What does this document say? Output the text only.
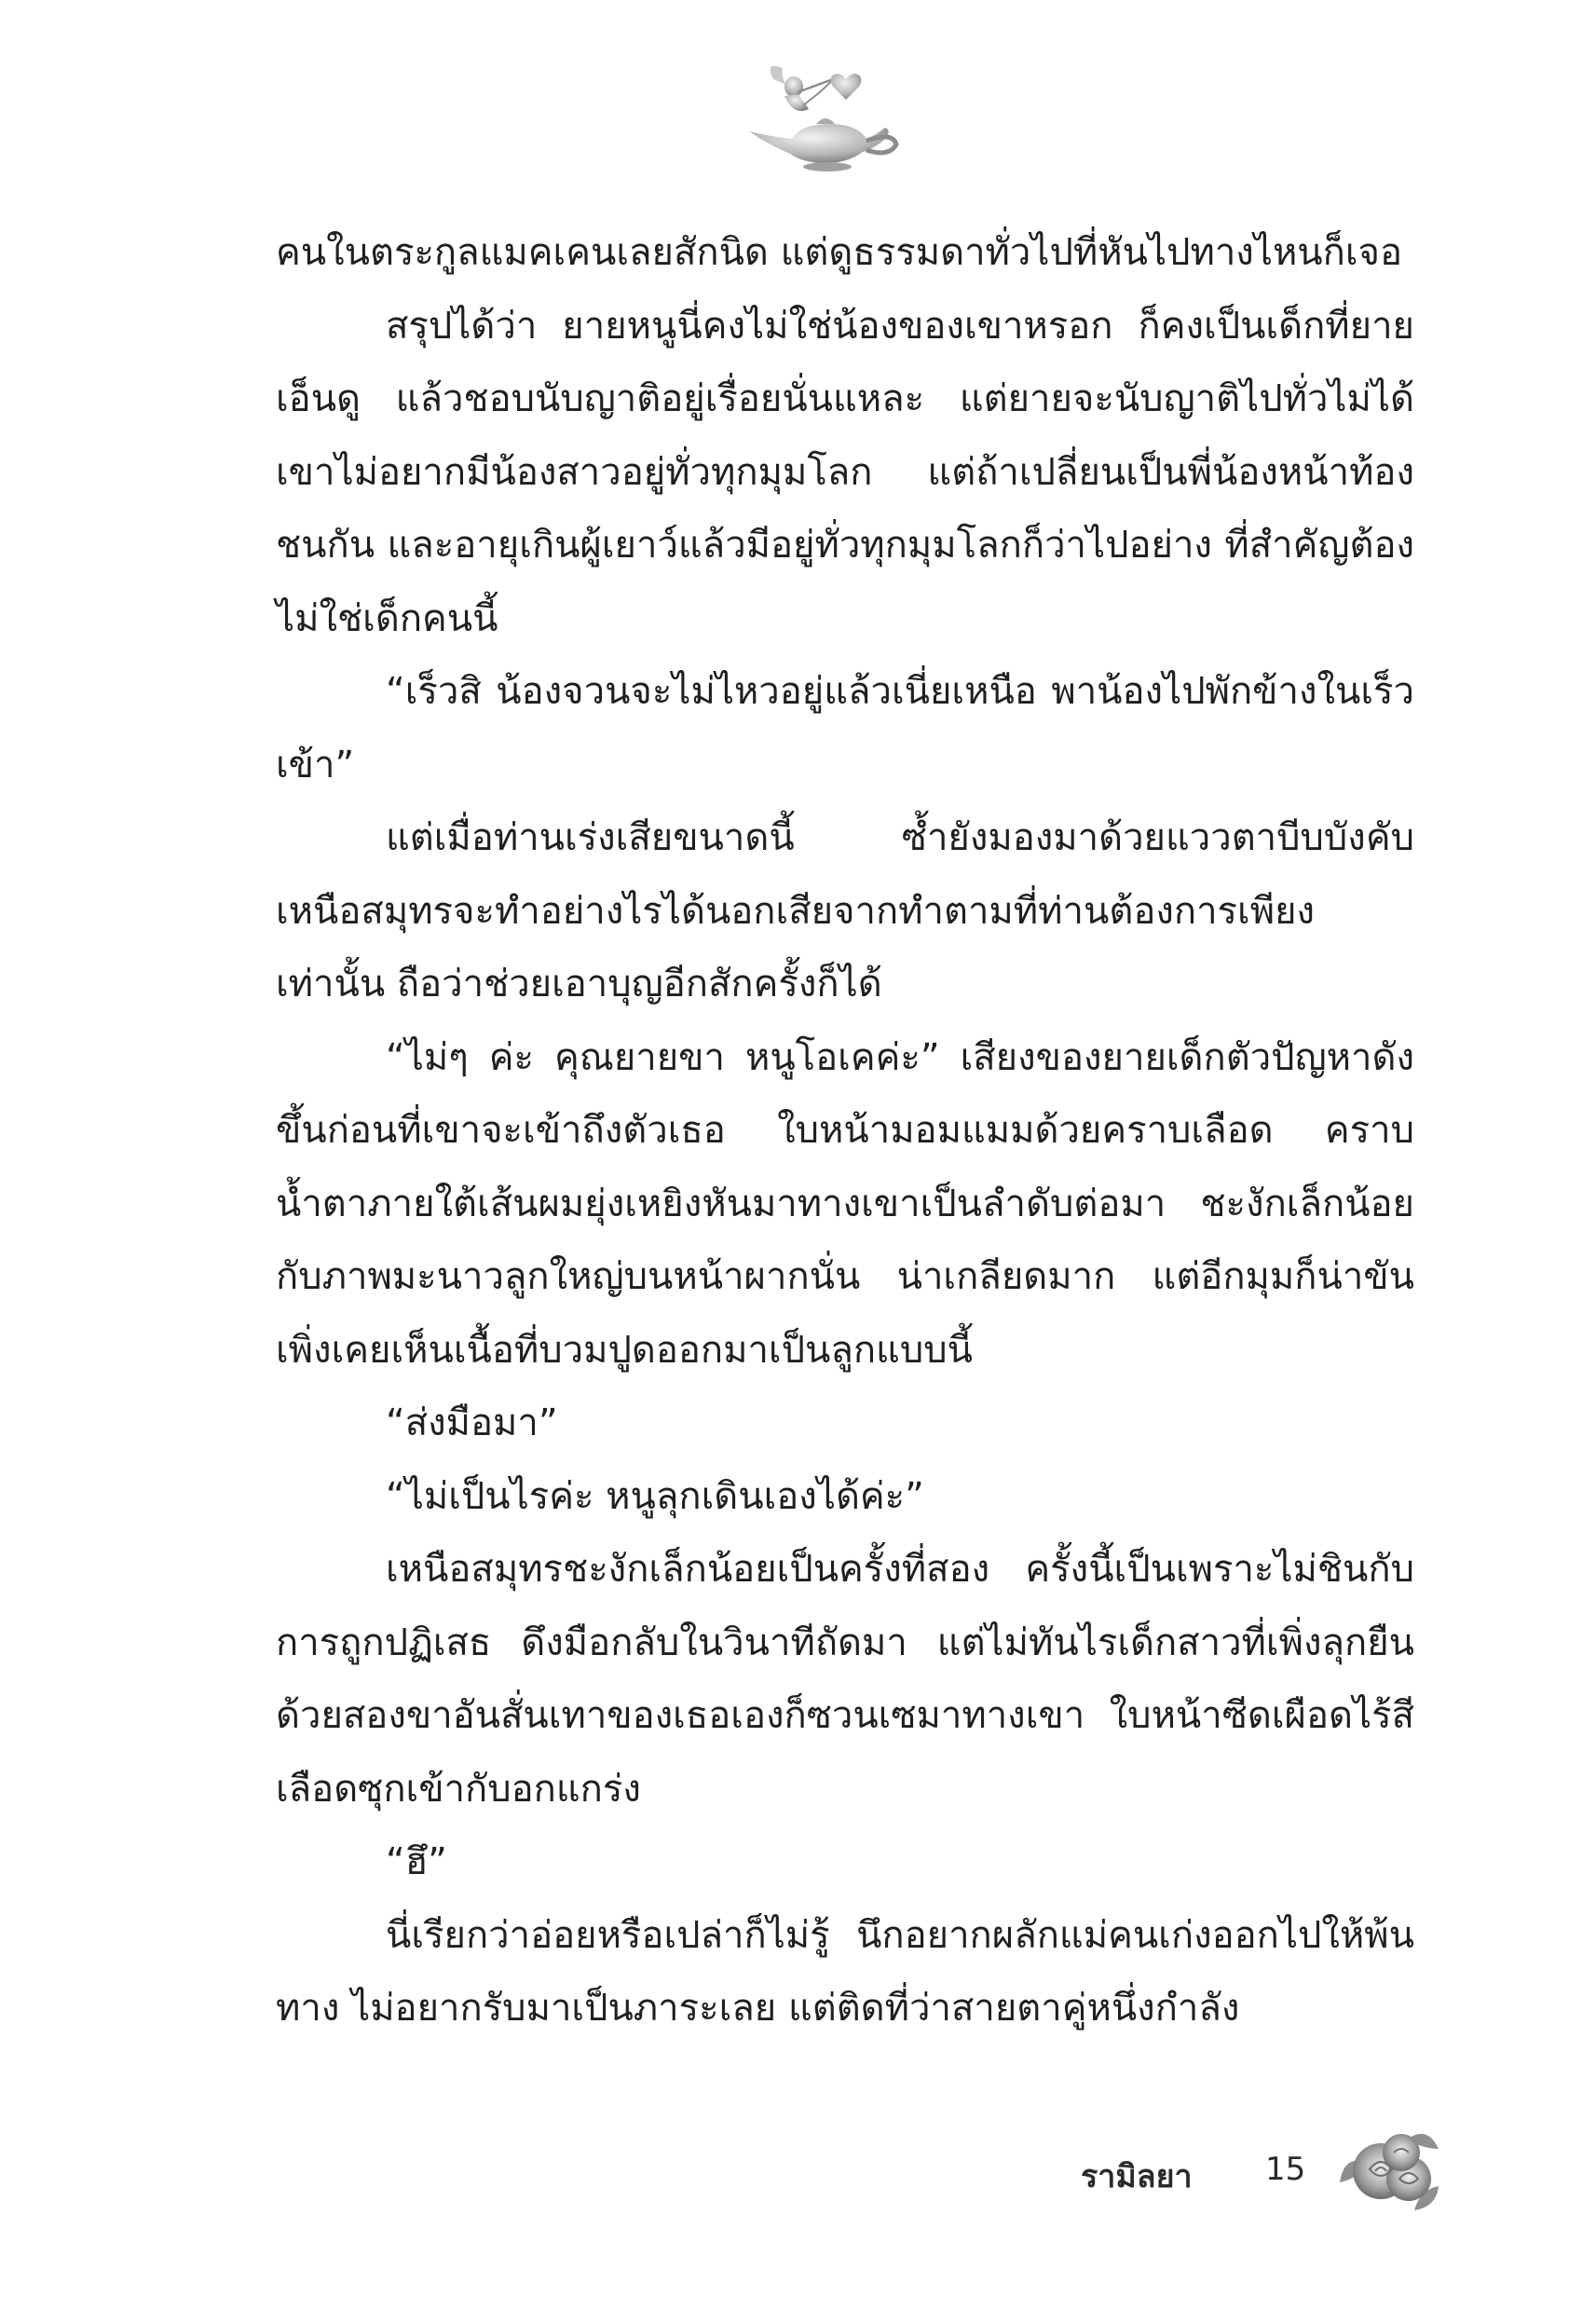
คนในตระกูลแมคเคนเลยสักนิด แต่ดูธรรมดาทั่วไปที่หันไปทางไหนก็เจอ

สรุปได้ว่า ยายหนูนี่คงไม่ใช่น้องของเขาหรอก ก็คงเป็นเด็กที่ยายเอ็นดู แล้วชอบนับญาติอยู่เรื่อยนั่นแหละ แต่ยายจะนับญาติไปทั่วไม่ได้ เขาไม่อยากมีน้องสาวอยู่ทั่วทุกมุมโลก แต่ถ้าเปลี่ยนเป็นพี่น้องหน้าท้องชนกัน และอายุเกินผู้เยาว์แล้วมีอยู่ทั่วทุกมุมโลกก็ว่าไปอย่าง ที่สำคัญต้องไม่ใช่เด็กคนนี้

“เร็วสิ น้องจวนจะไม่ไหวอยู่แล้วเนี่ยเหนือ พาน้องไปพักข้างในเร็วเข้า”

แต่เมื่อท่านเร่งเสียขนาดนี้ ซ้ำยังมองมาด้วยแววตาบีบบังคับ เหนือสมุทรจะทำอย่างไรได้นอกเสียจากทำตามที่ท่านต้องการเพียงเท่านั้น ถือว่าช่วยเอาบุญอีกสักครั้งก็ได้

“ไม่ๆ ค่ะ คุณยายขา หนูโอเคค่ะ” เสียงของยายเด็กตัวปัญหาดังขึ้นก่อนที่เขาจะเข้าถึงตัวเธอ ใบหน้ามอมแมมด้วยคราบเลือด คราบน้ำตาภายใต้เส้นผมยุ่งเหยิงหันมาทางเขาเป็นลำดับต่อมา ชะงักเล็กน้อยกับภาพมะนาวลูกใหญ่บนหน้าผากนั่น น่าเกลียดมาก แต่อีกมุมก็น่าขัน เพิ่งเคยเห็นเนื้อที่บวมปูดออกมาเป็นลูกแบบนี้

“ส่งมือมา”

“ไม่เป็นไรค่ะ หนูลุกเดินเองได้ค่ะ”

เหนือสมุทรชะงักเล็กน้อยเป็นครั้งที่สอง ครั้งนี้เป็นเพราะไม่ชินกับการถูกปฏิเสธ ดึงมือกลับในวินาทีถัดมา แต่ไม่ทันไรเด็กสาวที่เพิ่งลุกยืนด้วยสองขาอันสั่นเทาของเธอเองก็ซวนเซมาทางเขา ใบหน้าซีดเผือดไร้สีเลือดซุกเข้ากับอกแกร่ง

“ฮึ”

นี่เรียกว่าอ่อยหรือเปล่าก็ไม่รู้ นึกอยากผลักแม่คนเก่งออกไปให้พ้นทาง ไม่อยากรับมาเป็นภาระเลย แต่ติดที่ว่าสายตาคู่หนึ่งกำลัง

รามิลยา 15
